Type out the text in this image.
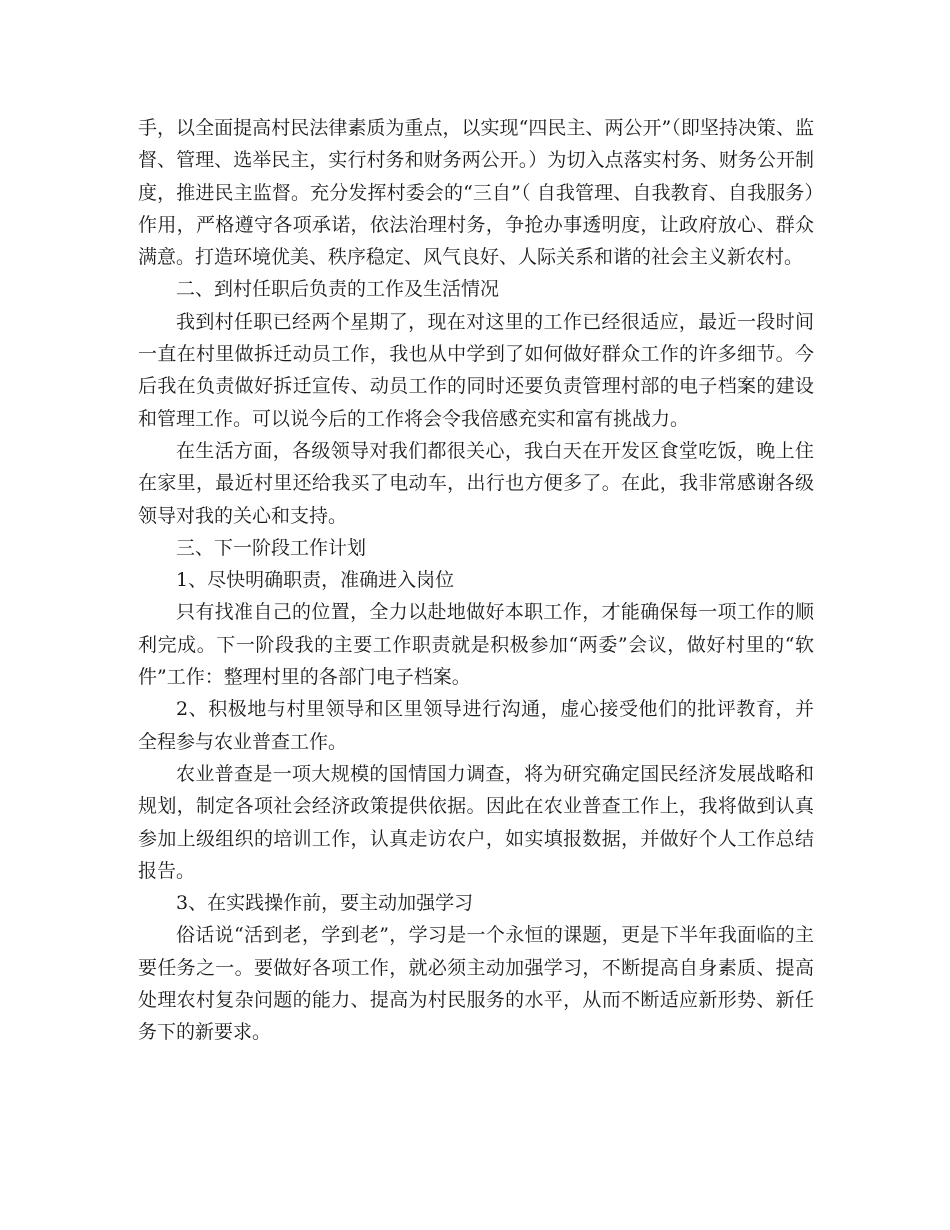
手，以全面提高村民法律素质为重点，以实现“四民主、两公开”（即坚持决策、监督、管理、选举民主，实行村务和财务两公开。）为切入点落实村务、财务公开制度，推进民主监督。充分发挥村委会的“三自”（ 自我管理、自我教育、自我服务）作用，严格遵守各项承诺，依法治理村务，争抢办事透明度，让政府放心、群众满意。打造环境优美、秩序稳定、风气良好、人际关系和谐的社会主义新农村。

二、到村任职后负责的工作及生活情况

我到村任职已经两个星期了，现在对这里的工作已经很适应，最近一段时间一直在村里做拆迁动员工作，我也从中学到了如何做好群众工作的许多细节。今后我在负责做好拆迁宣传、动员工作的同时还要负责管理村部的电子档案的建设和管理工作。可以说今后的工作将会令我倍感充实和富有挑战力。

在生活方面，各级领导对我们都很关心，我白天在开发区食堂吃饭，晚上住在家里，最近村里还给我买了电动车，出行也方便多了。在此，我非常感谢各级领导对我的关心和支持。

三、下一阶段工作计划

1、尽快明确职责，准确进入岗位

只有找准自己的位置，全力以赴地做好本职工作，才能确保每一项工作的顺利完成。下一阶段我的主要工作职责就是积极参加“两委”会议，做好村里的“软件”工作：整理村里的各部门电子档案。

2、积极地与村里领导和区里领导进行沟通，虚心接受他们的批评教育，并全程参与农业普查工作。

农业普查是一项大规模的国情国力调查，将为研究确定国民经济发展战略和规划，制定各项社会经济政策提供依据。因此在农业普查工作上，我将做到认真参加上级组织的培训工作，认真走访农户，如实填报数据，并做好个人工作总结报告。

3、在实践操作前，要主动加强学习

俗话说“活到老，学到老”，学习是一个永恒的课题，更是下半年我面临的主要任务之一。要做好各项工作，就必须主动加强学习，不断提高自身素质、提高处理农村复杂问题的能力、提高为村民服务的水平，从而不断适应新形势、新任务下的新要求。
